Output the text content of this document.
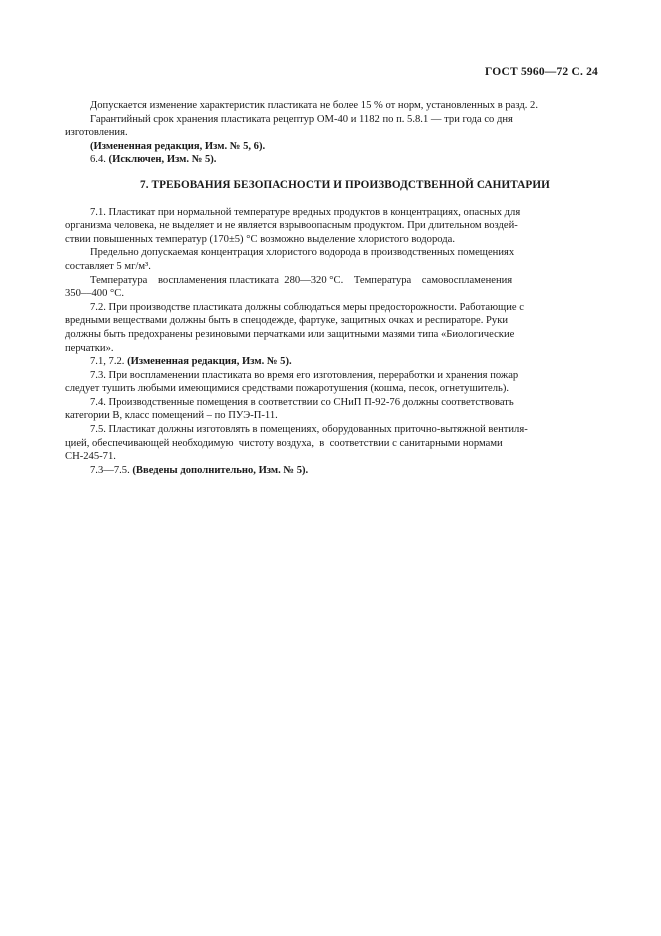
ГОСТ 5960—72 С. 24
Допускается изменение характеристик пластиката не более 15 % от норм, установленных в разд. 2.
Гарантийный срок хранения пластиката рецептур ОМ-40 и 1182 по п. 5.8.1 — три года со дня
изготовления.
(Измененная редакция, Изм. № 5, 6).
6.4. (Исключен, Изм. № 5).
7. ТРЕБОВАНИЯ БЕЗОПАСНОСТИ И ПРОИЗВОДСТВЕННОЙ САНИТАРИИ
7.1. Пластикат при нормальной температуре вредных продуктов в концентрациях, опасных для
организма человека, не выделяет и не является взрывоопасным продуктом. При длительном воздей-
ствии повышенных температур (170±5) °С возможно выделение хлористого водорода.
Предельно допускаемая концентрация хлористого водорода в производственных помещениях
составляет 5 мг/м³.
Температура    воспламенения пластиката  280––320 °С.    Температура    самовоспламенения
350––400 °С.
7.2. При производстве пластиката должны соблюдаться меры предосторожности. Работающие с
вредными веществами должны быть в спецодежде, фартуке, защитных очках и респираторе. Руки
должны быть предохранены резиновыми перчатками или защитными мазями типа «Биологические
перчатки».
7.1, 7.2. (Измененная редакция, Изм. № 5).
7.3. При воспламенении пластиката во время его изготовления, переработки и хранения пожар
следует тушить любыми имеющимися средствами пожаротушения (кошма, песок, огнетушитель).
7.4. Производственные помещения в соответствии со СНиП П-92-76 должны соответствовать
категории В, класс помещений – по ПУЭ-П-11.
7.5. Пластикат должны изготовлять в помещениях, оборудованных приточно-вытяжной вентиля-
цией, обеспечивающей необходимую  чистоту воздуха,  в  соответствии с санитарными нормами
СН-245-71.
7.3––7.5. (Введены дополнительно, Изм. № 5).
